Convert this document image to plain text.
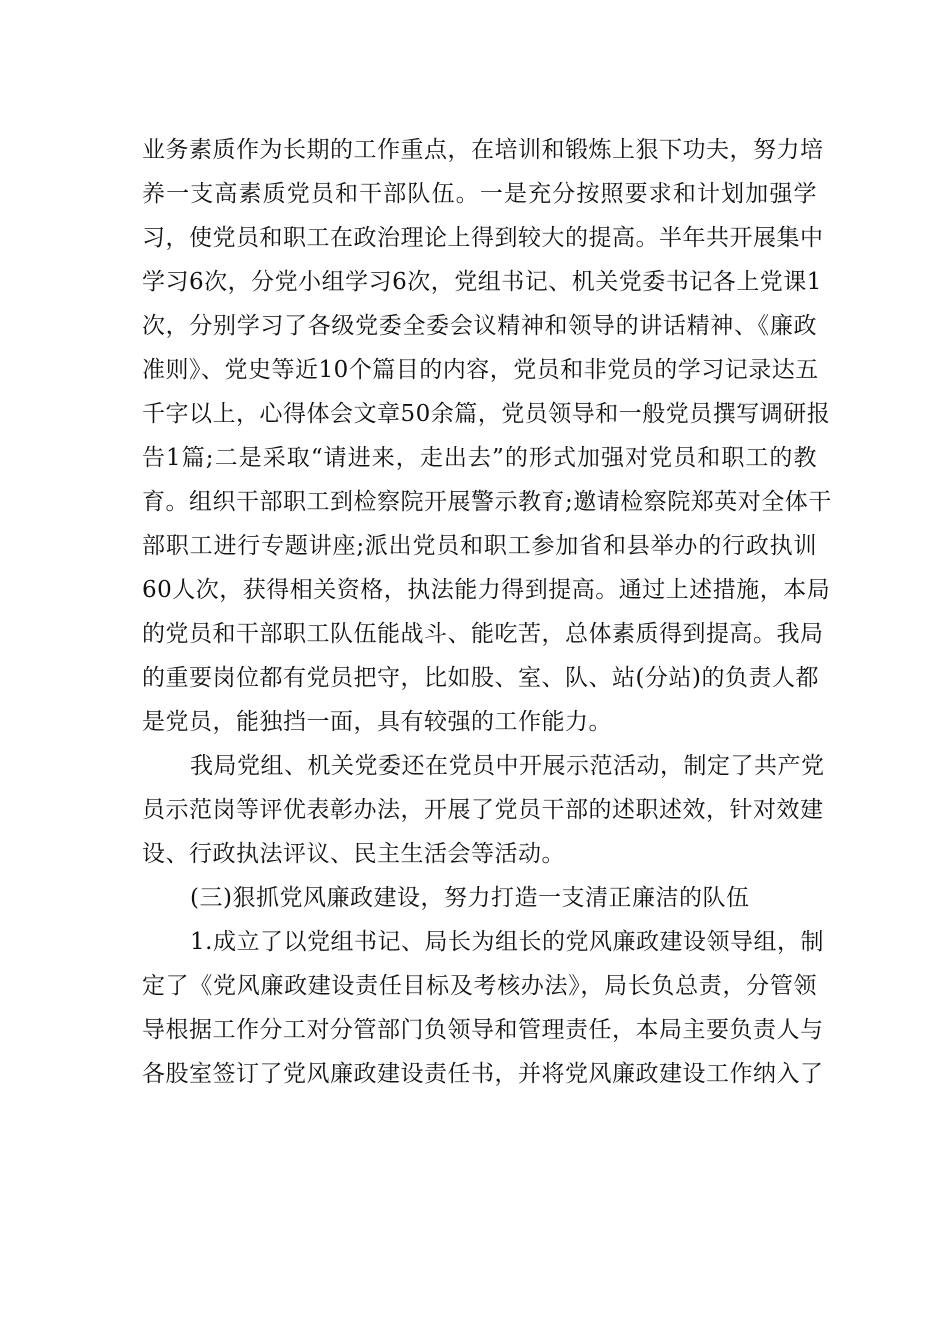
业务素质作为长期的工作重点，在培训和锻炼上狠下功夫，努力培
养一支高素质党员和干部队伍。一是充分按照要求和计划加强学
习，使党员和职工在政治理论上得到较大的提高。半年共开展集中
学习6次，分党小组学习6次，党组书记、机关党委书记各上党课1
次，分别学习了各级党委全委会议精神和领导的讲话精神、《廉政
准则》、党史等近10个篇目的内容，党员和非党员的学习记录达五
千字以上，心得体会文章50余篇，党员领导和一般党员撰写调研报
告1篇;二是采取“请进来，走出去”的形式加强对党员和职工的教
育。组织干部职工到检察院开展警示教育;邀请检察院郑英对全体干
部职工进行专题讲座;派出党员和职工参加省和县举办的行政执训
60人次，获得相关资格，执法能力得到提高。通过上述措施，本局
的党员和干部职工队伍能战斗、能吃苦，总体素质得到提高。我局
的重要岗位都有党员把守，比如股、室、队、站(分站)的负责人都
是党员，能独挡一面，具有较强的工作能力。
我局党组、机关党委还在党员中开展示范活动，制定了共产党
员示范岗等评优表彰办法，开展了党员干部的述职述效，针对效建
设、行政执法评议、民主生活会等活动。
(三)狠抓党风廉政建设，努力打造一支清正廉洁的队伍
1.成立了以党组书记、局长为组长的党风廉政建设领导组，制
定了《党风廉政建设责任目标及考核办法》，局长负总责，分管领
导根据工作分工对分管部门负领导和管理责任，本局主要负责人与
各股室签订了党风廉政建设责任书，并将党风廉政建设工作纳入了
